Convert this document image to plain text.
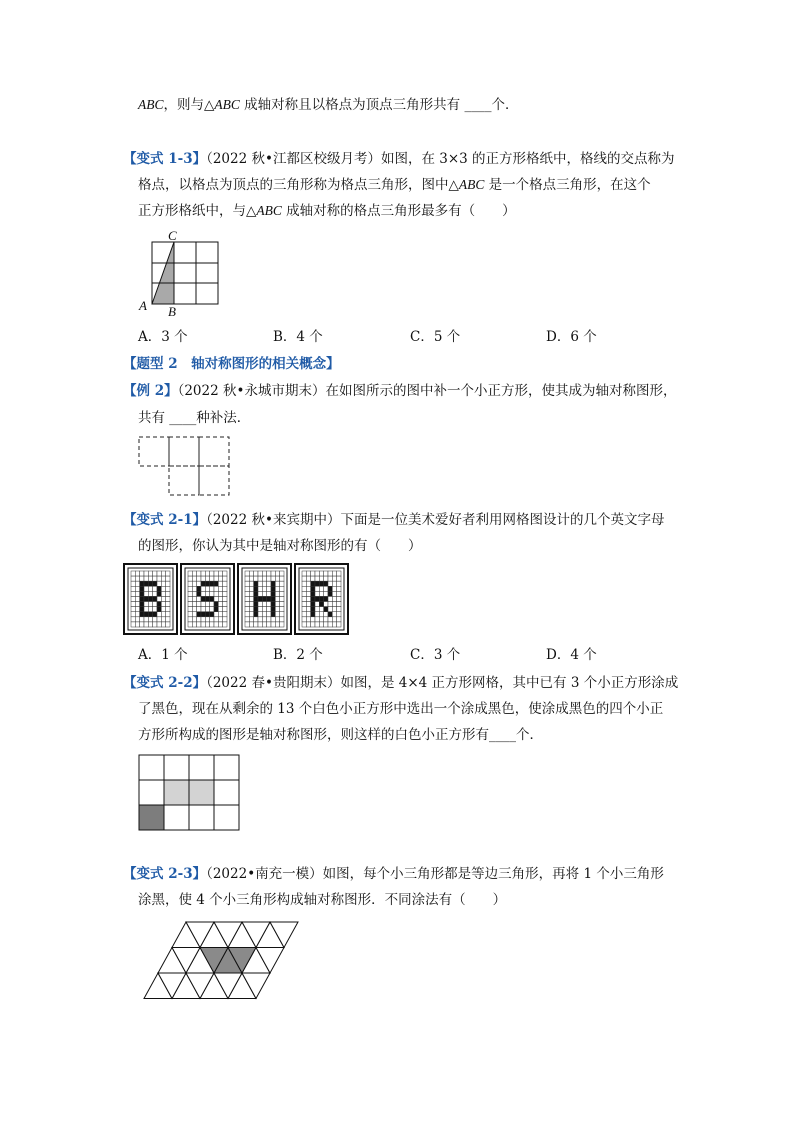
ABC，则与△ABC 成轴对称且以格点为顶点三角形共有 ____个．
【变式 1-3】（2022 秋•江都区校级月考）如图，在 3×3 的正方形格纸中，格线的交点称为
格点，以格点为顶点的三角形称为格点三角形，图中△ABC 是一个格点三角形，在这个
正方形格纸中，与△ABC 成轴对称的格点三角形最多有（　　）
C
A B
A．3 个	B．4 个	C．5 个	D．6 个
【题型 2　轴对称图形的相关概念】
【例 2】（2022 秋•永城市期末）在如图所示的图中补一个小正方形，使其成为轴对称图形，
共有 ____种补法．
【变式 2-1】（2022 秋•来宾期中）下面是一位美术爱好者利用网格图设计的几个英文字母
的图形，你认为其中是轴对称图形的有（　　）
A．1 个	B．2 个	C．3 个	D．4 个
【变式 2-2】（2022 春•贵阳期末）如图，是 4×4 正方形网格，其中已有 3 个小正方形涂成
了黑色，现在从剩余的 13 个白色小正方形中选出一个涂成黑色，使涂成黑色的四个小正
方形所构成的图形是轴对称图形，则这样的白色小正方形有____个．
【变式 2-3】（2022•南充一模）如图，每个小三角形都是等边三角形，再将 1 个小三角形
涂黑，使 4 个小三角形构成轴对称图形．不同涂法有（　　）
